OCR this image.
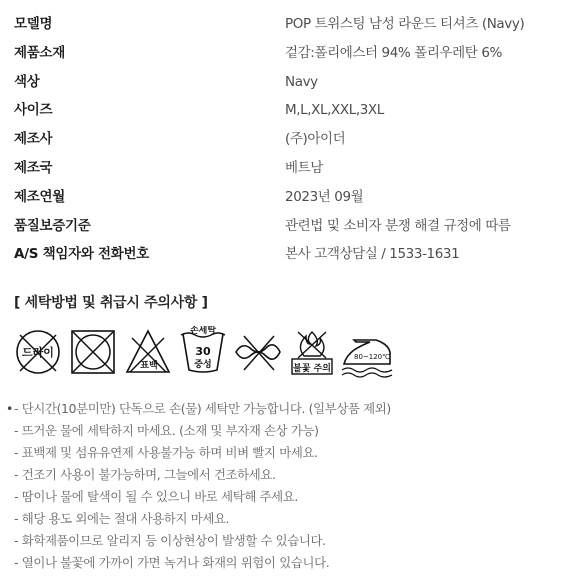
모델명	POP 트위스팅 남성 라운드 티셔츠 (Navy)
제품소재	겉감:폴리에스터 94% 폴리우레탄 6%
색상	Navy
사이즈	M,L,XL,XXL,3XL
제조사	(주)아이더
제조국	베트남
제조연월	2023년 09월
품질보증기준	관련법 및 소비자 분쟁 해결 규정에 따름
A/S 책임자와 전화번호	본사 고객상담실 / 1533-1631
[ 세탁방법 및 취급시 주의사항 ]
드라이
표백
손세탁
30
중성	불꽃 주의
80~120℃
• - 단시간(10분미만) 단독으로 손(물) 세탁만 가능합니다. (일부상품 제외)
- 뜨거운 물에 세탁하지 마세요. (소재 및 부자재 손상 가능)
- 표백제 및 섬유유연제 사용불가능 하며 비벼 빨지 마세요.
- 건조기 사용이 불가능하며, 그늘에서 건조하세요.
- 땀이나 물에 탈색이 될 수 있으니 바로 세탁해 주세요.
- 해당 용도 외에는 절대 사용하지 마세요.
- 화학제품이므로 알리지 등 이상현상이 발생할 수 있습니다.
- 열이나 불꽃에 가까이 가면 녹거나 화재의 위험이 있습니다.
